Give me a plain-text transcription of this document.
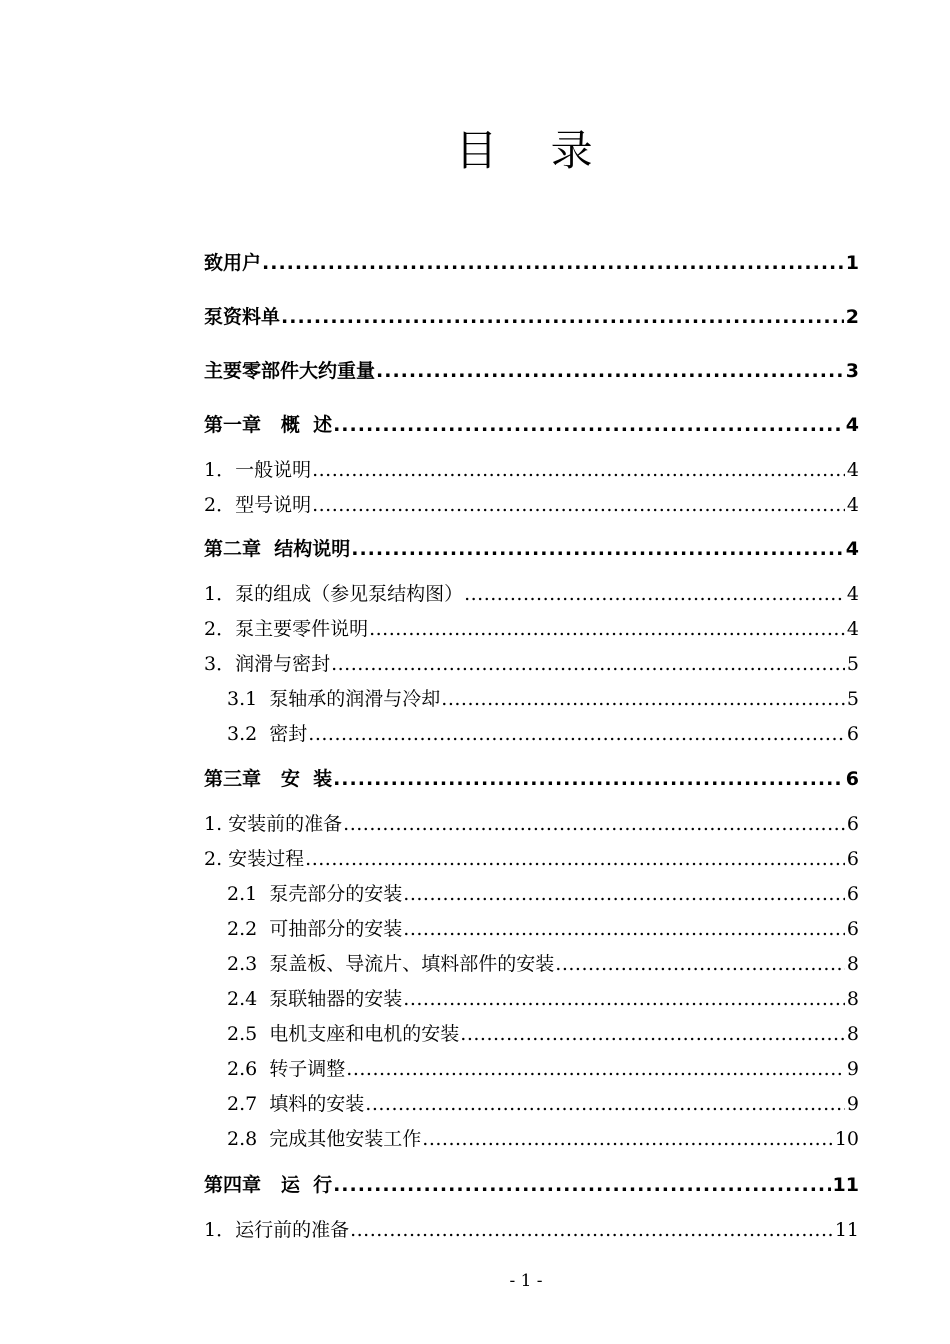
目 录
致用户 .....	1
泵资料单 .....	2
主要零部件大约重量 .....	3
第一章   概  述 .....	4
1．一般说明 .....	4
2．型号说明 .....	4
第二章  结构说明 .....	4
1．泵的组成（参见泵结构图） .....	4
2．泵主要零件说明 .....	4
3．润滑与密封 .....	5
3.1  泵轴承的润滑与冷却 .....	5
3.2  密封 .....	6
第三章   安  装 .....	6
1. 安装前的准备 .....	6
2. 安装过程 .....	6
2.1  泵壳部分的安装 .....	6
2.2  可抽部分的安装 .....	6
2.3  泵盖板、导流片、填料部件的安装 .....	8
2.4  泵联轴器的安装 .....	8
2.5  电机支座和电机的安装 .....	8
2.6  转子调整 .....	9
2.7  填料的安装 .....	9
2.8  完成其他安装工作 .....	10
第四章   运  行 .....	11
1．运行前的准备 .....	11
- 1 -
